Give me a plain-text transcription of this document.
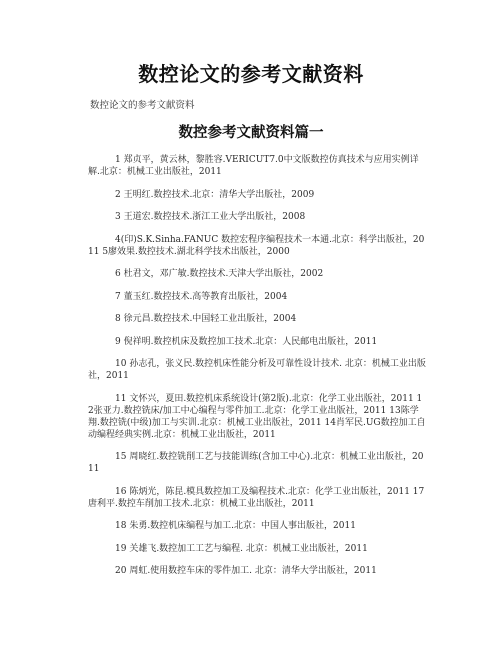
数控论文的参考文献资料
数控论文的参考文献资料
数控参考文献资料篇一
1 郑贞平，黄云林，黎胜容.VERICUT7.0中文版数控仿真技术与应用实例详解.北京：机械工业出版社，2011
2 王明红.数控技术.北京：清华大学出版社，2009
3 王道宏.数控技术.浙江工业大学出版社，2008
4(印)S.K.Sinha.FANUC 数控宏程序编程技术一本通.北京：科学出版社，2011 5廖效果.数控技术.湖北科学技术出版社，2000
6 杜君文，邓广敏.数控技术.天津大学出版社，2002
7 董玉红.数控技术.高等教育出版社，2004
8 徐元昌.数控技术.中国轻工业出版社，2004
9 倪祥明.数控机床及数控加工技术.北京：人民邮电出版社，2011
10 孙志孔，张义民.数控机床性能分析及可靠性设计技术. 北京：机械工业出版社，2011
11 文怀兴，夏田.数控机床系统设计(第2版).北京：化学工业出版社，2011 12张亚力.数控铣床/加工中心编程与零件加工.北京：化学工业出版社，2011 13陈学翔.数控铣(中级)加工与实训.北京：机械工业出版社，2011 14肖军民.UG数控加工自动编程经典实例.北京：机械工业出版社，2011
15 周晓红.数控铣削工艺与技能训练(含加工中心).北京：机械工业出版社，2011
16 陈炳光，陈昆.模具数控加工及编程技术.北京：化学工业出版社，2011 17唐利平.数控车削加工技术.北京：机械工业出版社，2011
18 朱勇.数控机床编程与加工.北京：中国人事出版社，2011
19 关雄飞.数控加工工艺与编程. 北京：机械工业出版社，2011
20 周虹.使用数控车床的零件加工. 北京：清华大学出版社，2011
